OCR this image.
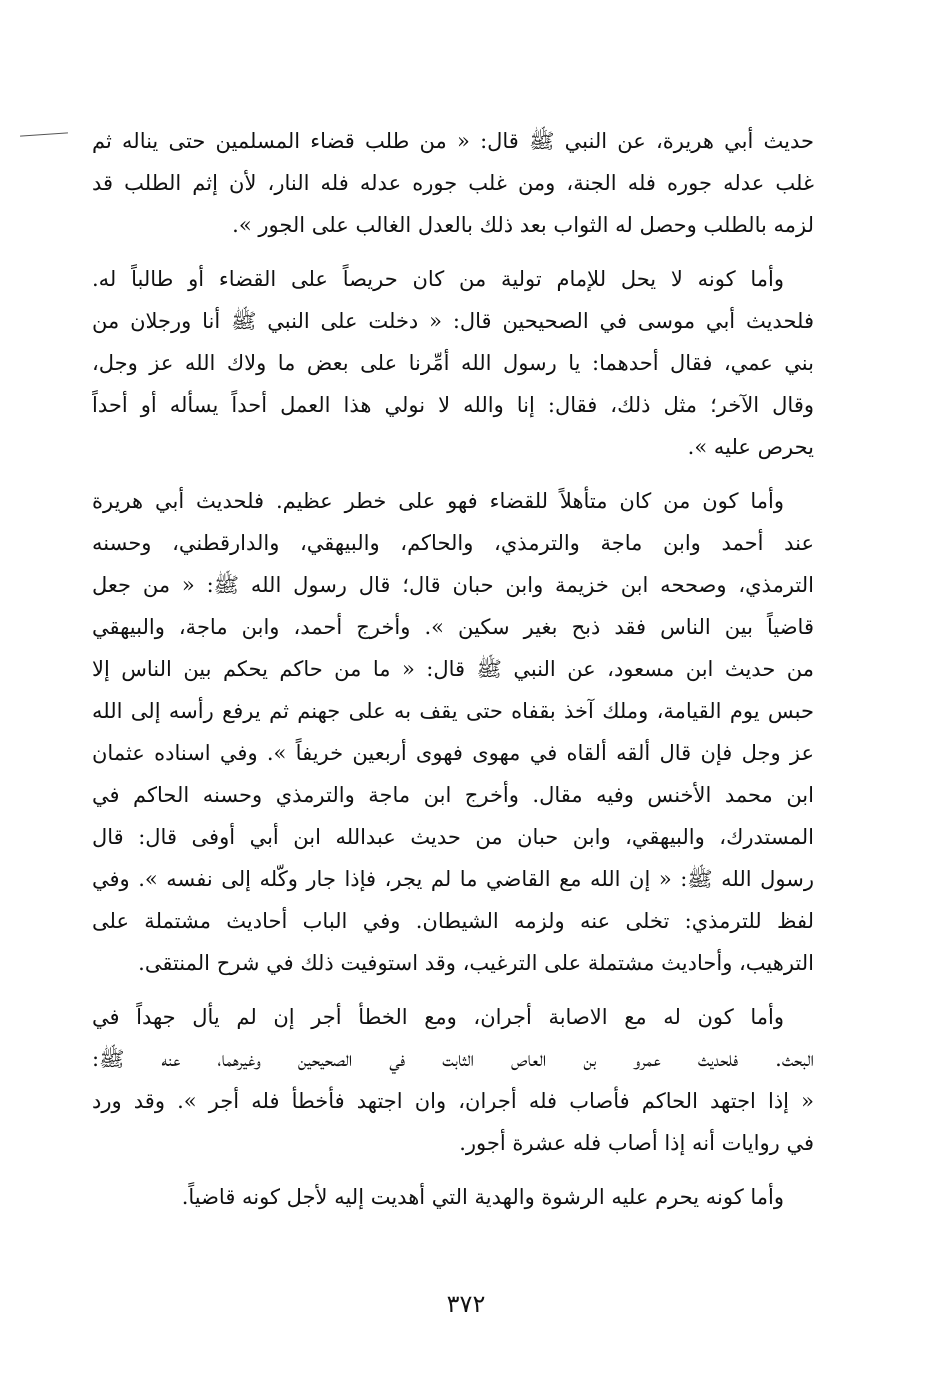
حديث أبي هريرة، عن النبي ﷺ قال: « من طلب قضاء المسلمين حتى يناله ثم
غلب عدله جوره فله الجنة، ومن غلب جوره عدله فله النار، لأن إثم الطلب قد
لزمه بالطلب وحصل له الثواب بعد ذلك بالعدل الغالب على الجور ».
وأما كونه لا يحل للإمام تولية من كان حريصاً على القضاء أو طالباً له.
فلحديث أبي موسى في الصحيحين قال: « دخلت على النبي ﷺ أنا ورجلان من
بني عمي، فقال أحدهما: يا رسول الله أمِّرنا على بعض ما ولاك الله عز وجل،
وقال الآخر؛ مثل ذلك، فقال: إنا والله لا نولي هذا العمل أحداً يسأله أو أحداً
يحرص عليه ».
وأما كون من كان متأهلاً للقضاء فهو على خطر عظيم. فلحديث أبي هريرة
عند أحمد وابن ماجة والترمذي، والحاكم، والبيهقي، والدارقطني، وحسنه
الترمذي، وصححه ابن خزيمة وابن حبان قال؛ قال رسول الله ﷺ: « من جعل
قاضياً بين الناس فقد ذبح بغير سكين ». وأخرج أحمد، وابن ماجة، والبيهقي
من حديث ابن مسعود، عن النبي ﷺ قال: « ما من حاكم يحكم بين الناس إلا
حبس يوم القيامة، وملك آخذ بقفاه حتى يقف به على جهنم ثم يرفع رأسه إلى الله
عز وجل فإن قال ألقه ألقاه في مهوى فهوى أربعين خريفاً ». وفي اسناده عثمان
ابن محمد الأخنس وفيه مقال. وأخرج ابن ماجة والترمذي وحسنه الحاكم في
المستدرك، والبيهقي، وابن حبان من حديث عبدالله ابن أبي أوفى قال: قال
رسول الله ﷺ: « إن الله مع القاضي ما لم يجر، فإذا جار وكّله إلى نفسه ». وفي
لفظ للترمذي: تخلى عنه ولزمه الشيطان. وفي الباب أحاديث مشتملة على
الترهيب، وأحاديث مشتملة على الترغيب، وقد استوفيت ذلك في شرح المنتقى.
وأما كون له مع الاصابة أجران، ومع الخطأ أجر إن لم يأل جهداً في
البحث. فلحديث عمرو بن العاص الثابت في الصحيحين وغيرهما، عنه ﷺ:
« إذا اجتهد الحاكم فأصاب فله أجران، وان اجتهد فأخطأ فله أجر ». وقد ورد
في روايات أنه إذا أصاب فله عشرة أجور.
وأما كونه يحرم عليه الرشوة والهدية التي أهديت إليه لأجل كونه قاضياً.
٣٧٢
